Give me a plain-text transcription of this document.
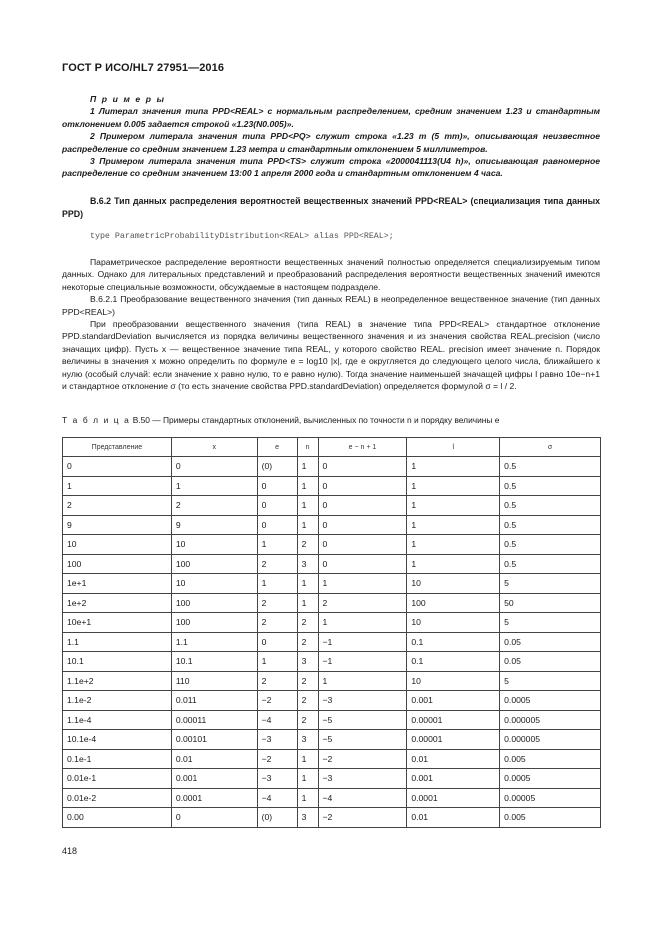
ГОСТ Р ИСО/HL7 27951—2016

П р и м е р ы

1 Литерал значения типа PPD<REAL> с нормальным распределением, средним значением 1.23 и стандартным отклонением 0.005 задается строкой «1.23(N0.005)».

2 Примером литерала значения типа PPD<PQ> служит строка «1.23 m (5 mm)», описывающая неизвестное распределение со средним значением 1.23 метра и стандартным отклонением 5 миллиметров.

3 Примером литерала значения типа PPD<TS> служит строка «2000041113(U4 h)», описывающая равномерное распределение со средним значением 13:00 1 апреля 2000 года и стандартным отклонением 4 часа.

В.6.2 Тип данных распределения вероятностей вещественных значений PPD<REAL> (специализация типа данных PPD)

type ParametricProbabilityDistribution<REAL> alias PPD<REAL>;

Параметрическое распределение вероятности вещественных значений полностью определяется специализируемым типом данных. Однако для литеральных представлений и преобразований распределения вероятности вещественных значений имеются некоторые специальные возможности, обсуждаемые в настоящем подразделе.

В.6.2.1 Преобразование вещественного значения (тип данных REAL) в неопределенное вещественное значение (тип данных PPD<REAL>)

При преобразовании вещественного значения (типа REAL) в значение типа PPD<REAL> стандартное отклонение PPD.standardDeviation вычисляется из порядка величины вещественного значения и из значения свойства REAL.precision (число значащих цифр). Пусть x — вещественное значение типа REAL, у которого свойство REAL. precision имеет значение n. Порядок величины в значения x можно определить по формуле e = log10 |x|, где e округляется до следующего целого числа, ближайшего к нулю (особый случай: если значение x равно нулю, то e равно нулю). Тогда значение наименьшей значащей цифры l равно 10e−n+1 и стандартное отклонение σ (то есть значение свойства PPD.standardDeviation) определяется формулой σ = l / 2.

Т а б л и ц а В.50 — Примеры стандартных отклонений, вычисленных по точности n и порядку величины e
Представление	x	e	n	e − n + 1	l	σ
0	0	(0)	1	0	1	0.5
1	1	0	1	0	1	0.5
2	2	0	1	0	1	0.5
9	9	0	1	0	1	0.5
10	10	1	2	0	1	0.5
100	100	2	3	0	1	0.5
1e+1	10	1	1	1	10	5
1e+2	100	2	1	2	100	50
10e+1	100	2	2	1	10	5
1.1	1.1	0	2	−1	0.1	0.05
10.1	10.1	1	3	−1	0.1	0.05
1.1e+2	110	2	2	1	10	5
1.1e-2	0.011	−2	2	−3	0.001	0.0005
1.1e-4	0.00011	−4	2	−5	0.00001	0.000005
10.1e-4	0.00101	−3	3	−5	0.00001	0.000005
0.1e-1	0.01	−2	1	−2	0.01	0.005
0.01e-1	0.001	−3	1	−3	0.001	0.0005
0.01e-2	0.0001	−4	1	−4	0.0001	0.00005
0.00	0	(0)	3	−2	0.01	0.005
418
